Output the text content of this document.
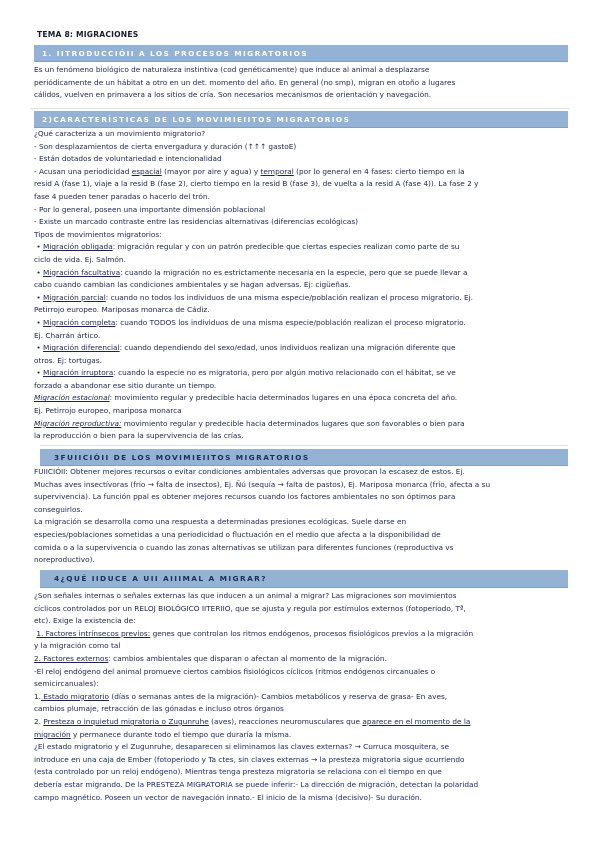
TEMA 8: MIGRACIONES
1. IITRODUCCIÓII A LOS PROCESOS MIGRATORIOS

Es un fenómeno biológico de naturaleza instintiva (cod genéticamente) que induce al animal a desplazarse

periódicamente de un hábitat a otro en un det. momento del año. En general (no smp), migran en otoño a lugares

cálidos, vuelven en primavera a los sitios de cría. Son necesarios mecanismos de orientación y navegación.

2)CARACTERÍSTICAS DE LOS MOVIMIEIITOS MIGRATORIOS

¿Qué caracteriza a un movimiento migratorio?

- Son desplazamientos de cierta envergadura y duración (↑↑↑ gastoE)

- Están dotados de voluntariedad e intencionalidad

- Acusan una periodicidad espacial (mayor por aire y agua) y temporal (por lo general en 4 fases: cierto tiempo en la

resid A (fase 1), viaje a la resid B (fase 2), cierto tiempo en la resid B (fase 3), de vuelta a la resid A (fase 4)). La fase 2 y

fase 4 pueden tener paradas o hacerlo del trón.

- Por lo general, poseen una importante dimensión poblacional

- Existe un marcado contraste entre las residencias alternativas (diferencias ecológicas)

Tipos de movimientos migratorios:

• Migración obligada: migración regular y con un patrón predecible que ciertas especies realizan como parte de su

ciclo de vida. Ej. Salmón.

• Migración facultativa: cuando la migración no es estrictamente necesaria en la especie, pero que se puede llevar a

cabo cuando cambian las condiciones ambientales y se hagan adversas. Ej: cigüeñas.

• Migración parcial: cuando no todos los individuos de una misma especie/población realizan el proceso migratorio. Ej.

Petirrojo europeo. Mariposas monarca de Cádiz.

• Migración completa: cuando TODOS los individuos de una misma especie/población realizan el proceso migratorio.

Ej. Charrán ártico.

• Migración diferencial: cuando dependiendo del sexo/edad, unos individuos realizan una migración diferente que

otros. Ej: tortugas.

• Migración irruptora: cuando la especie no es migratoria, pero por algún motivo relacionado con el hábitat, se ve

forzado a abandonar ese sitio durante un tiempo.

Migración estacional: movimiento regular y predecible hacia determinados lugares en una época concreta del año.

Ej. Petirrojo europeo, mariposa monarca

Migración reproductiva: movimiento regular y predecible hacia determinados lugares que son favorables o bien para

la reproducción o bien para la supervivencia de las crías.

3FUIICIÓII DE LOS MOVIMIEIITOS MIGRATORIOS

FUIICIÓII: Obtener mejores recursos o evitar condiciones ambientales adversas que provocan la escasez de estos. Ej.

Muchas aves insectívoras (frío → falta de insectos), Ej. Ñú (sequía → falta de pastos), Ej. Mariposa monarca (frío, afecta a su

supervivencia). La función ppal es obtener mejores recursos cuando los factores ambientales no son óptimos para

conseguirlos.

La migración se desarrolla como una respuesta a determinadas presiones ecológicas. Suele darse en

especies/poblaciones sometidas a una periodicidad o fluctuación en el medio que afecta a la disponibilidad de

comida o a la supervivencia o cuando las zonas alternativas se utilizan para diferentes funciones (reproductiva vs

noreproductivo).

4¿QUÉ IIDUCE A UII AIIIMAL A MIGRAR?

¿Son señales internas o señales externas las que inducen a un animal a migrar? Las migraciones son movimientos

cíclicos controlados por un RELOJ BIOLÓGICO IITERIIO, que se ajusta y regula por estímulos externos (fotoperiodo, Tª,

etc). Exige la existencia de:

1. Factores intrínsecos previos: genes que controlan los ritmos endógenos, procesos fisiológicos previos a la migración

y la migración como tal

2. Factores externos: cambios ambientales que disparan o afectan al momento de la migración.

-El reloj endógeno del animal promueve ciertos cambios fisiológicos cíclicos (ritmos endógenos circanuales o

semicircanuales):

1. Estado migratorio (días o semanas antes de la migración)- Cambios metabólicos y reserva de grasa- En aves,

cambios plumaje, retracción de las gónadas e incluso otros órganos

2. Presteza o inquietud migratoria o Zugunruhe (aves), reacciones neuromusculares que aparece en el momento de la

migración y permanece durante todo el tiempo que duraría la misma.

¿El estado migratorio y el Zugunruhe, desaparecen si eliminamos las claves externas? → Curruca mosquitera, se

introduce en una caja de Ember (fotoperiodo y Ta ctes, sin claves externas → la presteza migratoria sigue ocurriendo

(esta controlado por un reloj endógeno). Mientras tenga presteza migratoria se relaciona con el tiempo en que

debería estar migrando. De la PRESTEZA MIGRATORIA se puede inferir:- La dirección de migración, detectan la polaridad

campo magnético. Poseen un vector de navegación innato.- El inicio de la misma (decisivo)- Su duración.
